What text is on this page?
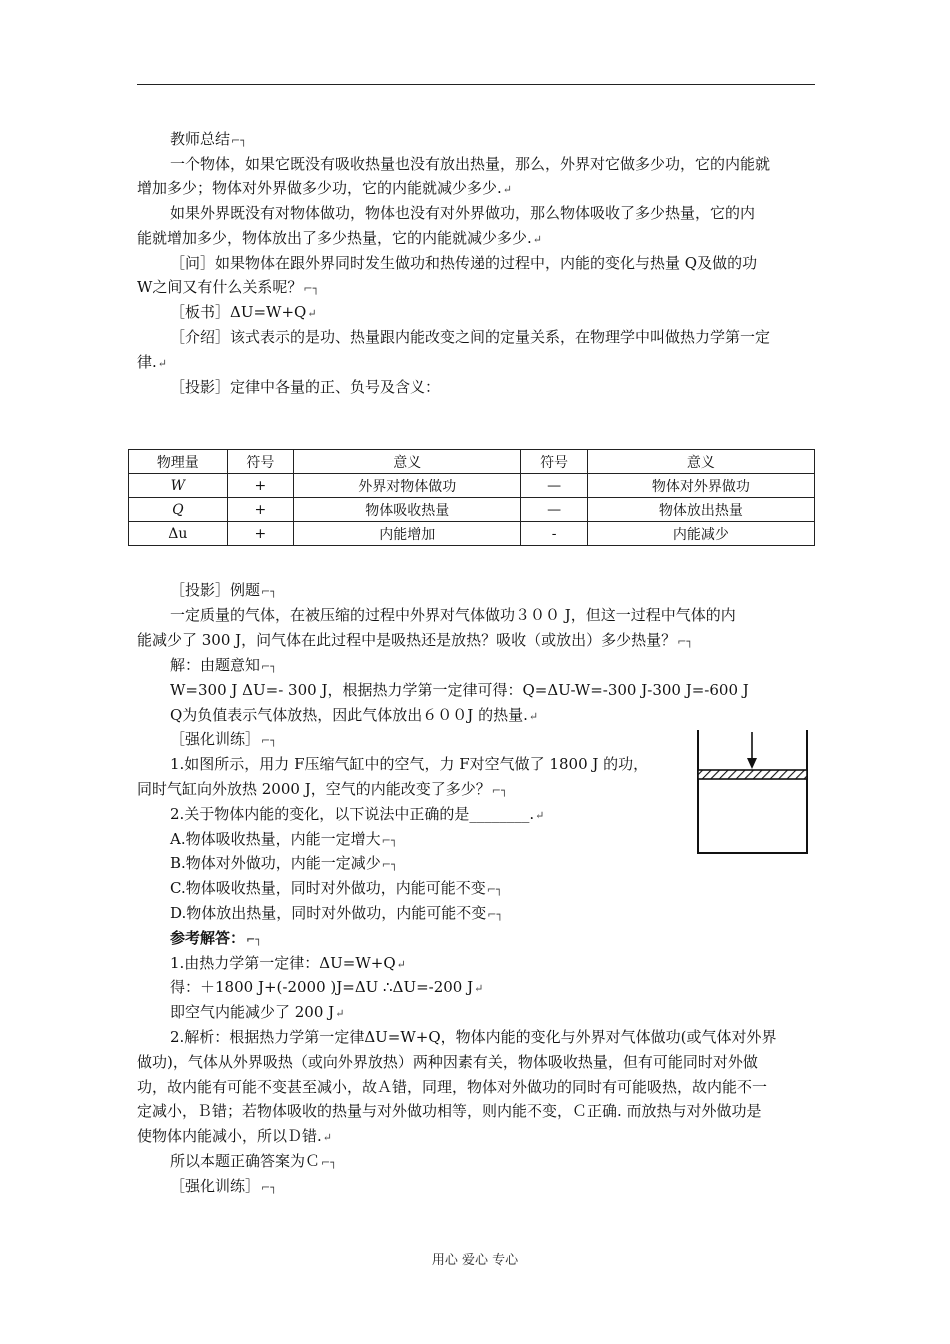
教师总结⌐┐
一个物体，如果它既没有吸收热量也没有放出热量，那么，外界对它做多少功，它的内能就
增加多少；物体对外界做多少功，它的内能就减少多少.↵
如果外界既没有对物体做功，物体也没有对外界做功，那么物体吸收了多少热量，它的内
能就增加多少，物体放出了多少热量，它的内能就减少多少.↵
［问］如果物体在跟外界同时发生做功和热传递的过程中，内能的变化与热量 Q及做的功
W之间又有什么关系呢？⌐┐
［板书］ΔU=W+Q↵
［介绍］该式表示的是功、热量跟内能改变之间的定量关系，在物理学中叫做热力学第一定
律.↵
［投影］定律中各量的正、负号及含义：
物理量	符号	意义	符号	意义
W	+	外界对物体做功	—	物体对外界做功
Q	+	物体吸收热量	—	物体放出热量
Δu	+	内能增加	-	内能减少
［投影］例题⌐┐
一定质量的气体，在被压缩的过程中外界对气体做功３００ J，但这一过程中气体的内
能减少了 300 J，问气体在此过程中是吸热还是放热？吸收（或放出）多少热量？⌐┐
解：由题意知⌐┐
W=300 J ΔU=- 300 J，根据热力学第一定律可得：Q=ΔU-W=-300 J-300 J=-600 J
Q为负值表示气体放热，因此气体放出６００J 的热量.↵
［强化训练］⌐┐
1.如图所示，用力 F压缩气缸中的空气，力 F对空气做了 1800 J 的功，
同时气缸向外放热 2000 J，空气的内能改变了多少？⌐┐
2.关于物体内能的变化，以下说法中正确的是________.↵
A.物体吸收热量，内能一定增大⌐┐
B.物体对外做功，内能一定减少⌐┐
C.物体吸收热量，同时对外做功，内能可能不变⌐┐
D.物体放出热量，同时对外做功，内能可能不变⌐┐
参考解答：⌐┐
1.由热力学第一定律：ΔU=W+Q↵
得：＋1800 J+(-2000 )J=ΔU ∴ΔU=-200 J↵
即空气内能减少了 200 J↵
2.解析：根据热力学第一定律ΔU=W+Q，物体内能的变化与外界对气体做功(或气体对外界
做功)，气体从外界吸热（或向外界放热）两种因素有关，物体吸收热量，但有可能同时对外做
功，故内能有可能不变甚至减小，故Ａ错，同理，物体对外做功的同时有可能吸热，故内能不一
定减小，Ｂ错；若物体吸收的热量与对外做功相等，则内能不变，Ｃ正确. 而放热与对外做功是
使物体内能减小，所以Ｄ错.↵
所以本题正确答案为Ｃ⌐┐
［强化训练］⌐┐
用心 爱心 专心
